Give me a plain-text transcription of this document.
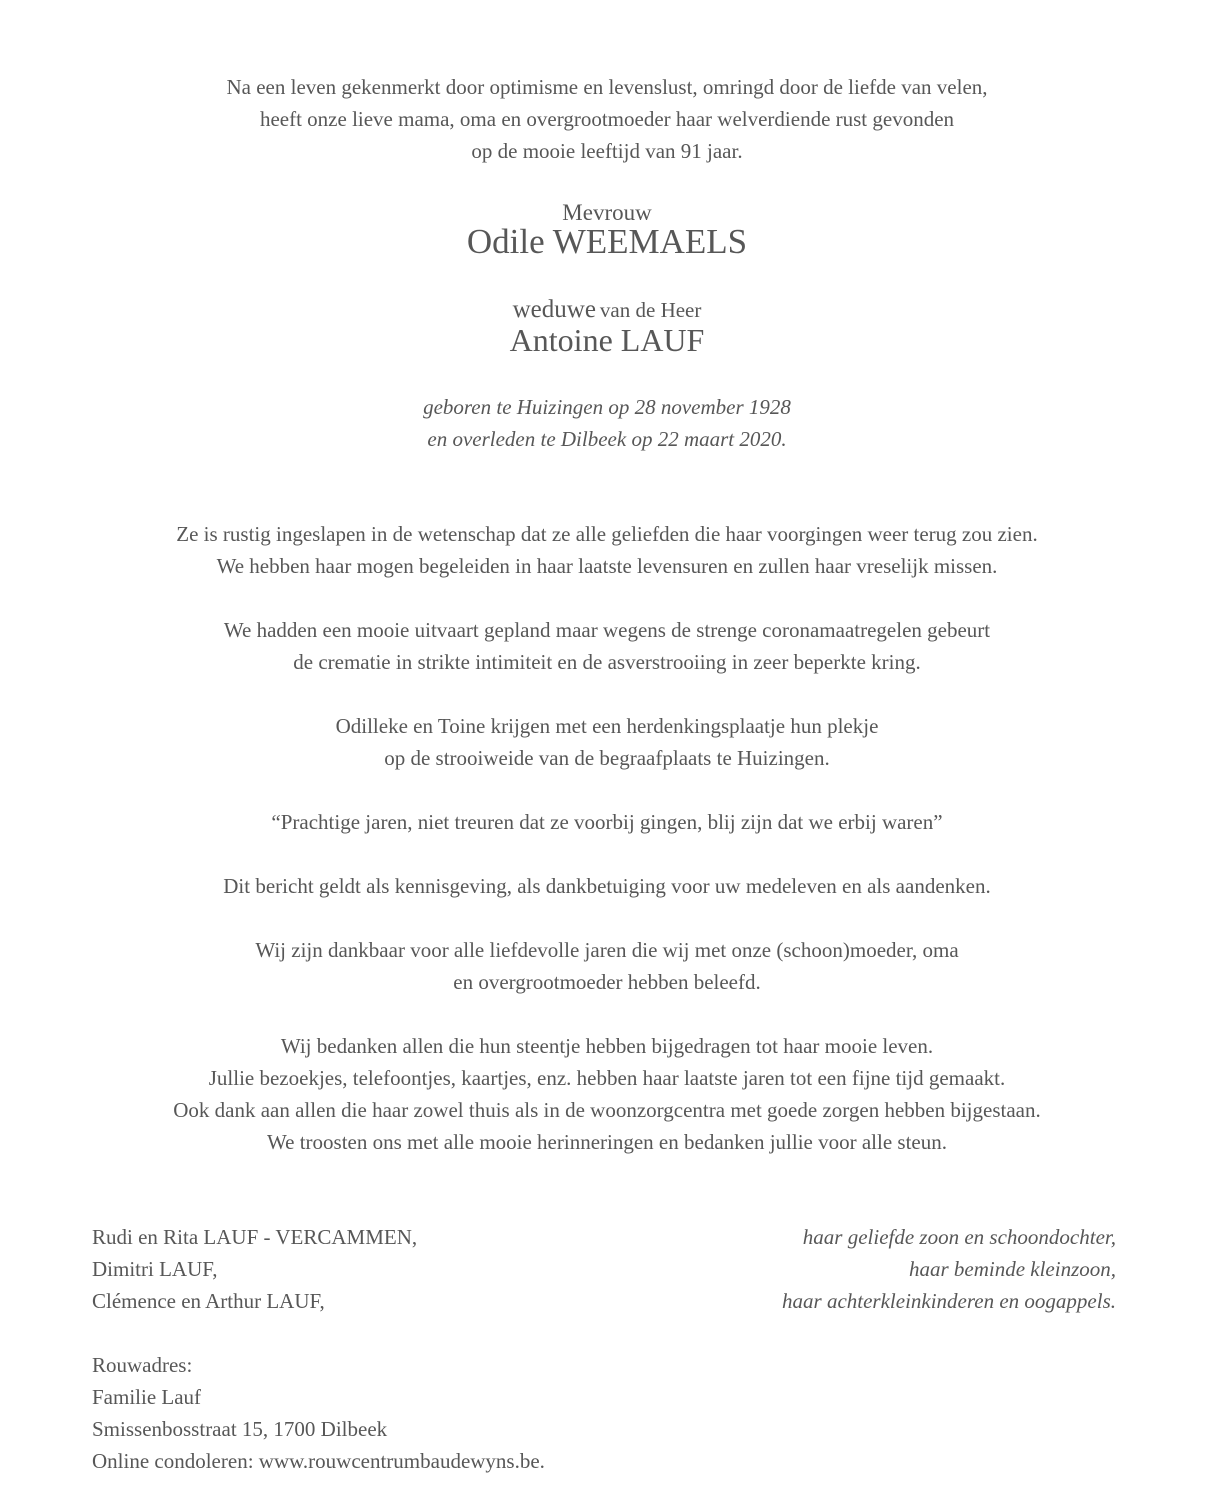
Na een leven gekenmerkt door optimisme en levenslust, omringd door de liefde van velen,
heeft onze lieve mama, oma en overgrootmoeder haar welverdiende rust gevonden
op de mooie leeftijd van 91 jaar.
Mevrouw
Odile WEEMAELS
weduwe van de Heer
Antoine LAUF
geboren te Huizingen op 28 november 1928
en overleden te Dilbeek op 22 maart 2020.
Ze is rustig ingeslapen in de wetenschap dat ze alle geliefden die haar voorgingen weer terug zou zien.
We hebben haar mogen begeleiden in haar laatste levensuren en zullen haar vreselijk missen.
We hadden een mooie uitvaart gepland maar wegens de strenge coronamaatregelen gebeurt
de crematie in strikte intimiteit en de asverstrooiing in zeer beperkte kring.
Odilleke en Toine krijgen met een herdenkingsplaatje hun plekje
op de strooiweide van de begraafplaats te Huizingen.
“Prachtige jaren, niet treuren dat ze voorbij gingen, blij zijn dat we erbij waren”
Dit bericht geldt als kennisgeving, als dankbetuiging voor uw medeleven en als aandenken.
Wij zijn dankbaar voor alle liefdevolle jaren die wij met onze (schoon)moeder, oma
en overgrootmoeder hebben beleefd.
Wij bedanken allen die hun steentje hebben bijgedragen tot haar mooie leven.
Jullie bezoekjes, telefoontjes, kaartjes, enz. hebben haar laatste jaren tot een fijne tijd gemaakt.
Ook dank aan allen die haar zowel thuis als in de woonzorgcentra met goede zorgen hebben bijgestaan.
We troosten ons met alle mooie herinneringen en bedanken jullie voor alle steun.
Rudi en Rita LAUF - VERCAMMEN,	haar geliefde zoon en schoondochter,
Dimitri LAUF,	haar beminde kleinzoon,
Clémence en Arthur LAUF,	haar achterkleinkinderen en oogappels.
Rouwadres:
Familie Lauf
Smissenbosstraat 15, 1700 Dilbeek
Online condoleren: www.rouwcentrumbaudewyns.be.
